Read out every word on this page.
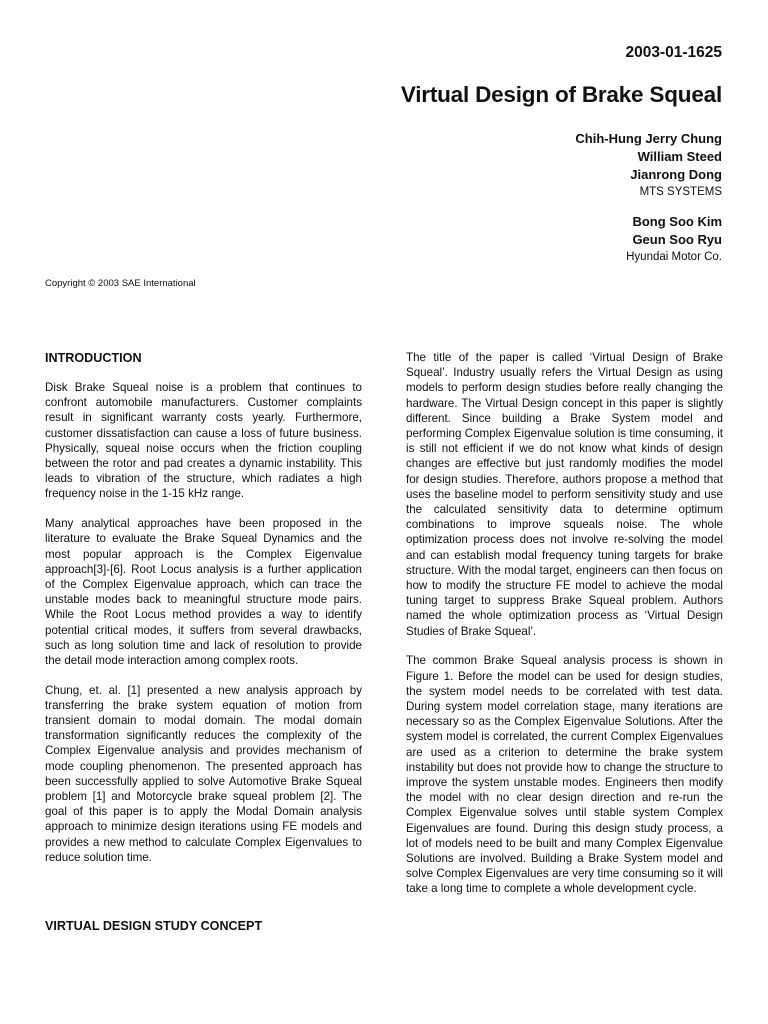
2003-01-1625
Virtual Design of Brake Squeal
Chih-Hung Jerry Chung
William Steed
Jianrong Dong
MTS SYSTEMS
Bong Soo Kim
Geun Soo Ryu
Hyundai Motor Co.
Copyright © 2003 SAE International
INTRODUCTION

Disk Brake Squeal noise is a problem that continues to confront automobile manufacturers. Customer complaints result in significant warranty costs yearly. Furthermore, customer dissatisfaction can cause a loss of future business. Physically, squeal noise occurs when the friction coupling between the rotor and pad creates a dynamic instability. This leads to vibration of the structure, which radiates a high frequency noise in the 1-15 kHz range.

Many analytical approaches have been proposed in the literature to evaluate the Brake Squeal Dynamics and the most popular approach is the Complex Eigenvalue approach[3]-[6]. Root Locus analysis is a further application of the Complex Eigenvalue approach, which can trace the unstable modes back to meaningful structure mode pairs. While the Root Locus method provides a way to identify potential critical modes, it suffers from several drawbacks, such as long solution time and lack of resolution to provide the detail mode interaction among complex roots.

Chung, et. al. [1] presented a new analysis approach by transferring the brake system equation of motion from transient domain to modal domain. The modal domain transformation significantly reduces the complexity of the Complex Eigenvalue analysis and provides mechanism of mode coupling phenomenon. The presented approach has been successfully applied to solve Automotive Brake Squeal problem [1] and Motorcycle brake squeal problem [2]. The goal of this paper is to apply the Modal Domain analysis approach to minimize design iterations using FE models and provides a new method to calculate Complex Eigenvalues to reduce solution time.

VIRTUAL DESIGN STUDY CONCEPT

The title of the paper is called ‘Virtual Design of Brake Squeal’. Industry usually refers the Virtual Design as using models to perform design studies before really changing the hardware. The Virtual Design concept in this paper is slightly different. Since building a Brake System model and performing Complex Eigenvalue solution is time consuming, it is still not efficient if we do not know what kinds of design changes are effective but just randomly modifies the model for design studies. Therefore, authors propose a method that uses the baseline model to perform sensitivity study and use the calculated sensitivity data to determine optimum combinations to improve squeals noise. The whole optimization process does not involve re-solving the model and can establish modal frequency tuning targets for brake structure. With the modal target, engineers can then focus on how to modify the structure FE model to achieve the modal tuning target to suppress Brake Squeal problem. Authors named the whole optimization process as ‘Virtual Design Studies of Brake Squeal’.

The common Brake Squeal analysis process is shown in Figure 1. Before the model can be used for design studies, the system model needs to be correlated with test data. During system model correlation stage, many iterations are necessary so as the Complex Eigenvalue Solutions. After the system model is correlated, the current Complex Eigenvalues are used as a criterion to determine the brake system instability but does not provide how to change the structure to improve the system unstable modes. Engineers then modify the model with no clear design direction and re-run the Complex Eigenvalue solves until stable system Complex Eigenvalues are found. During this design study process, a lot of models need to be built and many Complex Eigenvalue Solutions are involved. Building a Brake System model and solve Complex Eigenvalues are very time consuming so it will take a long time to complete a whole development cycle.
